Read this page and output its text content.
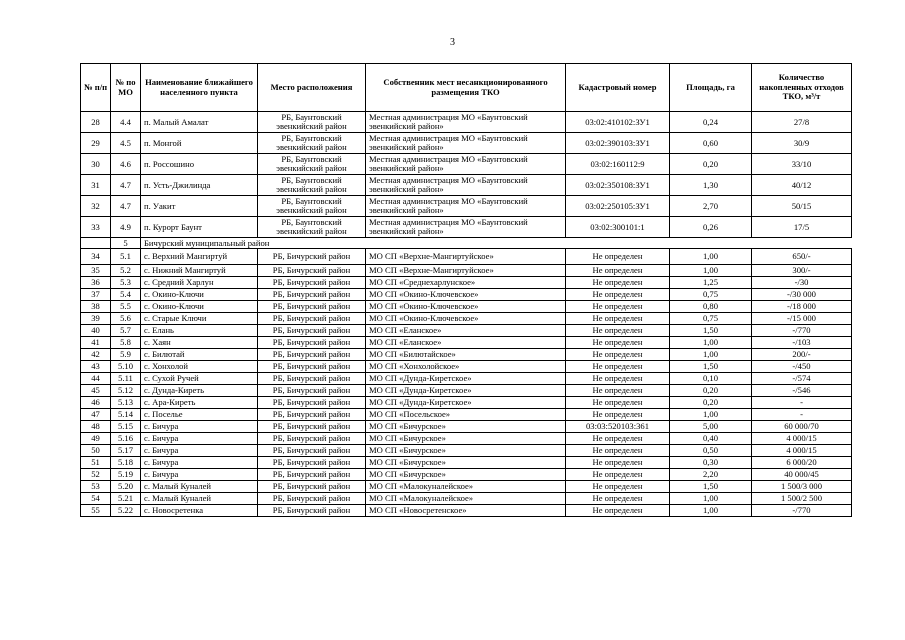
3
№ п/п	№ по МО	Наименование ближайшего населенного пункта	Место расположения	Собственник мест несанкционированного размещения ТКО	Кадастровый номер	Площадь, га	Количество накопленных отходов ТКО, м³/т
28	4.4	п. Малый Амалат	РБ, Баунтовский эвенкийский район	Местная администрация МО «Баунтовский эвенкийский район»	03:02:410102:ЗУ1	0,24	27/8
29	4.5	п. Монгой	РБ, Баунтовский эвенкийский район	Местная администрация МО «Баунтовский эвенкийский район»	03:02:390103:ЗУ1	0,60	30/9
30	4.6	п. Россошино	РБ, Баунтовский эвенкийский район	Местная администрация МО «Баунтовский эвенкийский район»	03:02:160112:9	0,20	33/10
31	4.7	п. Усть-Джилинда	РБ, Баунтовский эвенкийский район	Местная администрация МО «Баунтовский эвенкийский район»	03:02:350108:ЗУ1	1,30	40/12
32	4.7	п. Уакит	РБ, Баунтовский эвенкийский район	Местная администрация МО «Баунтовский эвенкийский район»	03:02:250105:ЗУ1	2,70	50/15
33	4.9	п. Курорт Баунт	РБ, Баунтовский эвенкийский район	Местная администрация МО «Баунтовский эвенкийский район»	03:02:300101:1	0,26	17/5
	5	Бичурский муниципальный район					
34	5.1	с. Верхний Мангиртуй	РБ, Бичурский район	МО СП «Верхне-Мангиртуйское»	Не определен	1,00	650/-
35	5.2	с. Нижний Мангиртуй	РБ, Бичурский район	МО СП «Верхне-Мангиртуйское»	Не определен	1,00	300/-
36	5.3	с. Средний Харлун	РБ, Бичурский район	МО СП «Среднехарлунское»	Не определен	1,25	-/30
37	5.4	с. Окино-Ключи	РБ, Бичурский район	МО СП «Окино-Ключевское»	Не определен	0,75	-/30 000
38	5.5	с. Окино-Ключи	РБ, Бичурский район	МО СП «Окино-Ключевское»	Не определен	0,80	-/18 000
39	5.6	с. Старые Ключи	РБ, Бичурский район	МО СП «Окино-Ключевское»	Не определен	0,75	-/15 000
40	5.7	с. Елань	РБ, Бичурский район	МО СП «Еланское»	Не определен	1,50	-/770
41	5.8	с. Хаян	РБ, Бичурский район	МО СП «Еланское»	Не определен	1,00	-/103
42	5.9	с. Билютай	РБ, Бичурский район	МО СП «Билютайское»	Не определен	1,00	200/-
43	5.10	с. Хонхолой	РБ, Бичурский район	МО СП «Хонхолойское»	Не определен	1,50	-/450
44	5.11	с. Сухой Ручей	РБ, Бичурский район	МО СП «Дунда-Киретское»	Не определен	0,10	-/574
45	5.12	с. Дунда-Киреть	РБ, Бичурский район	МО СП «Дунда-Киретское»	Не определен	0,20	-/546
46	5.13	с. Ара-Киреть	РБ, Бичурский район	МО СП «Дунда-Киретское»	Не определен	0,20	-
47	5.14	с. Поселье	РБ, Бичурский район	МО СП «Посельское»	Не определен	1,00	-
48	5.15	с. Бичура	РБ, Бичурский район	МО СП «Бичурское»	03:03:520103:361	5,00	60 000/70
49	5.16	с. Бичура	РБ, Бичурский район	МО СП «Бичурское»	Не определен	0,40	4 000/15
50	5.17	с. Бичура	РБ, Бичурский район	МО СП «Бичурское»	Не определен	0,50	4 000/15
51	5.18	с. Бичура	РБ, Бичурский район	МО СП «Бичурское»	Не определен	0,30	6 000/20
52	5.19	с. Бичура	РБ, Бичурский район	МО СП «Бичурское»	Не определен	2,20	40 000/45
53	5.20	с. Малый Куналей	РБ, Бичурский район	МО СП «Малокуналейское»	Не определен	1,50	1 500/3 000
54	5.21	с. Малый Куналей	РБ, Бичурский район	МО СП «Малокуналейское»	Не определен	1,00	1 500/2 500
55	5.22	с. Новосретенка	РБ, Бичурский район	МО СП «Новосретенское»	Не определен	1,00	-/770
